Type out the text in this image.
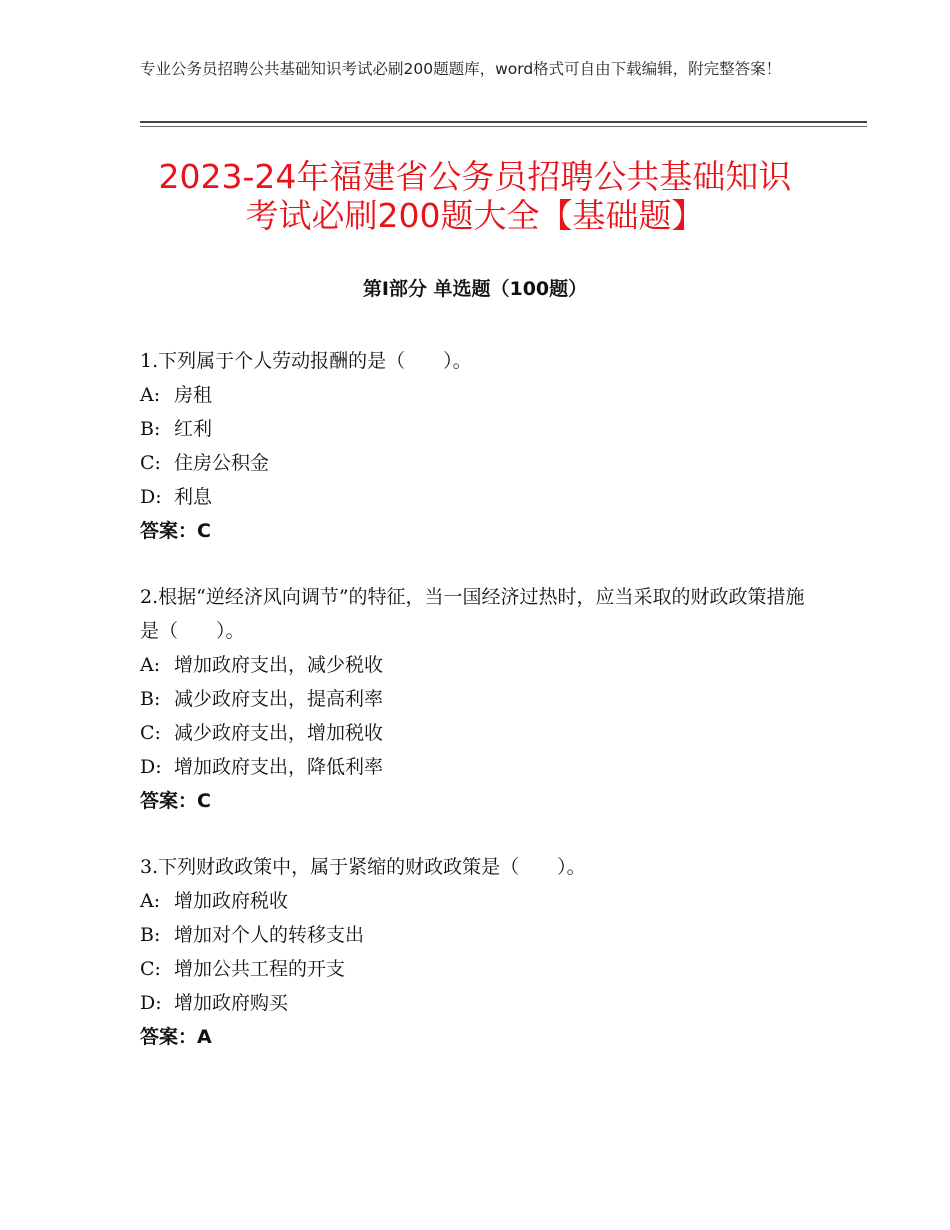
专业公务员招聘公共基础知识考试必刷200题题库，word格式可自由下载编辑，附完整答案！
2023-24年福建省公务员招聘公共基础知识
考试必刷200题大全【基础题】
第Ⅰ部分 单选题（100题）

1.下列属于个人劳动报酬的是（　　）。

A: 房租

B: 红利

C: 住房公积金

D: 利息

答案：C

2.根据“逆经济风向调节”的特征，当一国经济过热时，应当采取的财政政策措施是（　　）。

A: 增加政府支出，减少税收

B: 减少政府支出，提高利率

C: 减少政府支出，增加税收

D: 增加政府支出，降低利率

答案：C

3.下列财政政策中，属于紧缩的财政政策是（　　）。

A: 增加政府税收

B: 增加对个人的转移支出

C: 增加公共工程的开支

D: 增加政府购买

答案：A
